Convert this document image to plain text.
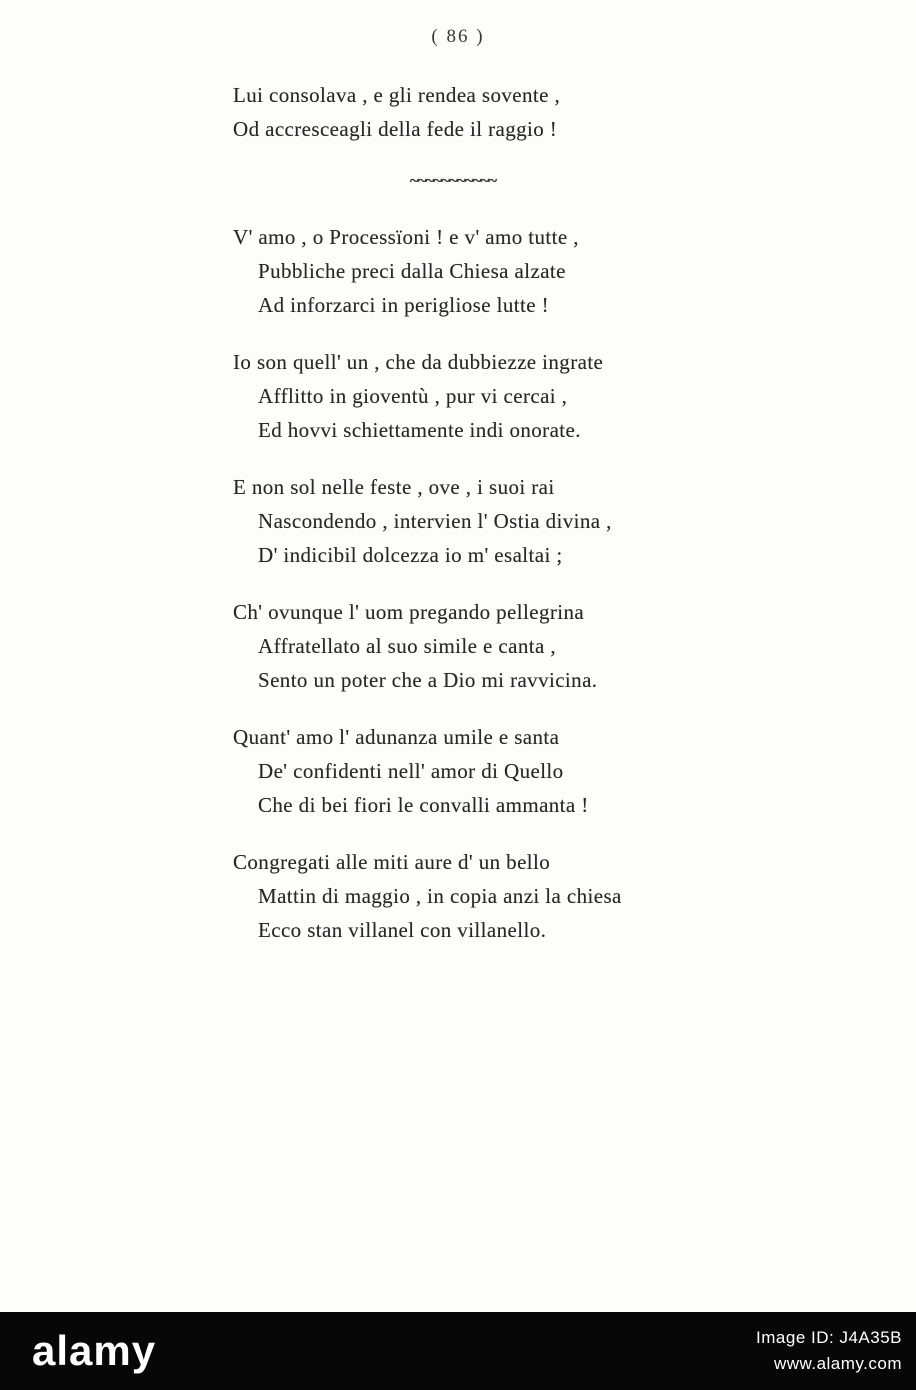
( 86 )
Lui consolava , e gli rendea sovente ,
Od accresceagli della fede il raggio !
~~~~~~~~~~~
V' amo , o Processïoni ! e v' amo tutte ,
Pubbliche preci dalla Chiesa alzate
Ad inforzarci in perigliose lutte !
Io son quell' un , che da dubbiezze ingrate
Afflitto in gioventù , pur vi cercai ,
Ed hovvi schiettamente indi onorate.
E non sol nelle feste , ove , i suoi rai
Nascondendo , intervien l' Ostia divina ,
D' indicibil dolcezza io m' esaltai ;
Ch' ovunque l' uom pregando pellegrina
Affratellato al suo simile e canta ,
Sento un poter che a Dio mi ravvicina.
Quant' amo l' adunanza umile e santa
De' confidenti nell' amor di Quello
Che di bei fiori le convalli ammanta !
Congregati alle miti aure d' un bello
Mattin di maggio , in copia anzi la chiesa
Ecco stan villanel con villanello.
alamy	Image ID: J4A35B
www.alamy.com
